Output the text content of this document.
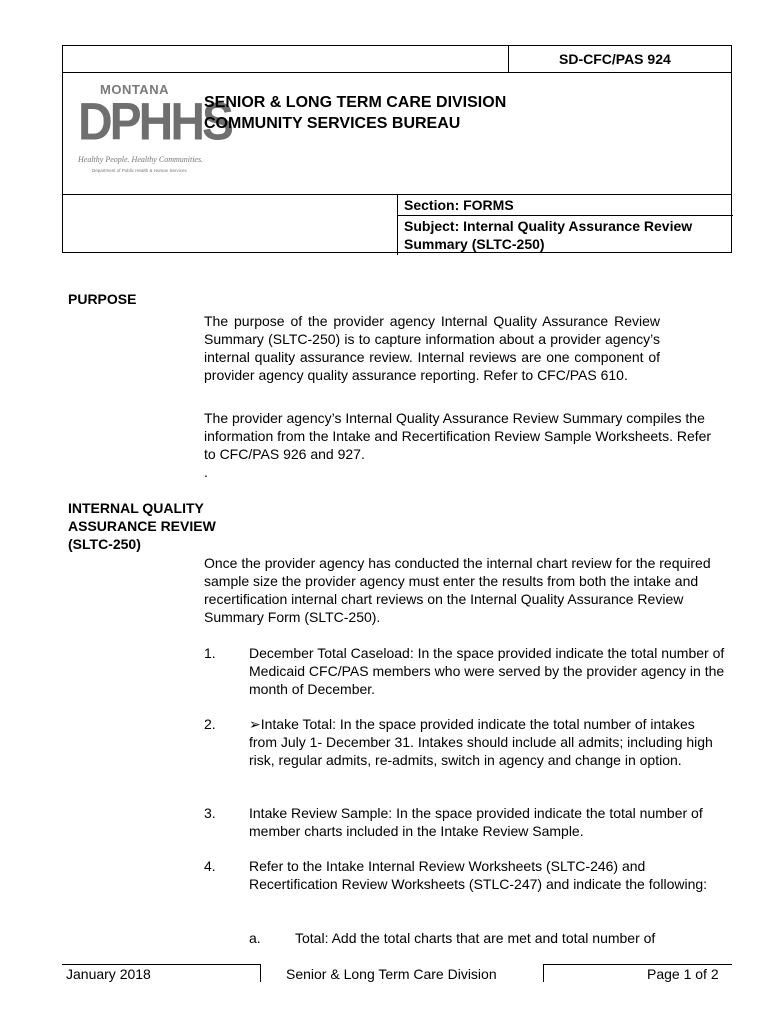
SD-CFC/PAS 924
Section: FORMS
Subject: Internal Quality Assurance Review Summary (SLTC-250)
MONTANA
DPHHS
Healthy People. Healthy Communities.
Department of Public Health & Human Services
SENIOR & LONG TERM CARE DIVISION
COMMUNITY SERVICES BUREAU
PURPOSE
The purpose of the provider agency Internal Quality Assurance Review Summary (SLTC-250) is to capture information about a provider agency’s internal quality assurance review. Internal reviews are one component of provider agency quality assurance reporting. Refer to CFC/PAS 610.
The provider agency’s Internal Quality Assurance Review Summary compiles the information from the Intake and Recertification Review Sample Worksheets. Refer to CFC/PAS 926 and 927.
.
INTERNAL QUALITY
ASSURANCE REVIEW
(SLTC-250)
Once the provider agency has conducted the internal chart review for the required sample size the provider agency must enter the results from both the intake and recertification internal chart reviews on the Internal Quality Assurance Review Summary Form (SLTC-250).
1. December Total Caseload: In the space provided indicate the total number of Medicaid CFC/PAS members who were served by the provider agency in the month of December.
2. ➢Intake Total: In the space provided indicate the total number of intakes from July 1- December 31. Intakes should include all admits; including high risk, regular admits, re-admits, switch in agency and change in option.
3. Intake Review Sample: In the space provided indicate the total number of member charts included in the Intake Review Sample.
4. Refer to the Intake Internal Review Worksheets (SLTC-246) and Recertification Review Worksheets (STLC-247) and indicate the following:
a. Total: Add the total charts that are met and total number of
January 2018	Senior & Long Term Care Division	Page 1 of 2
